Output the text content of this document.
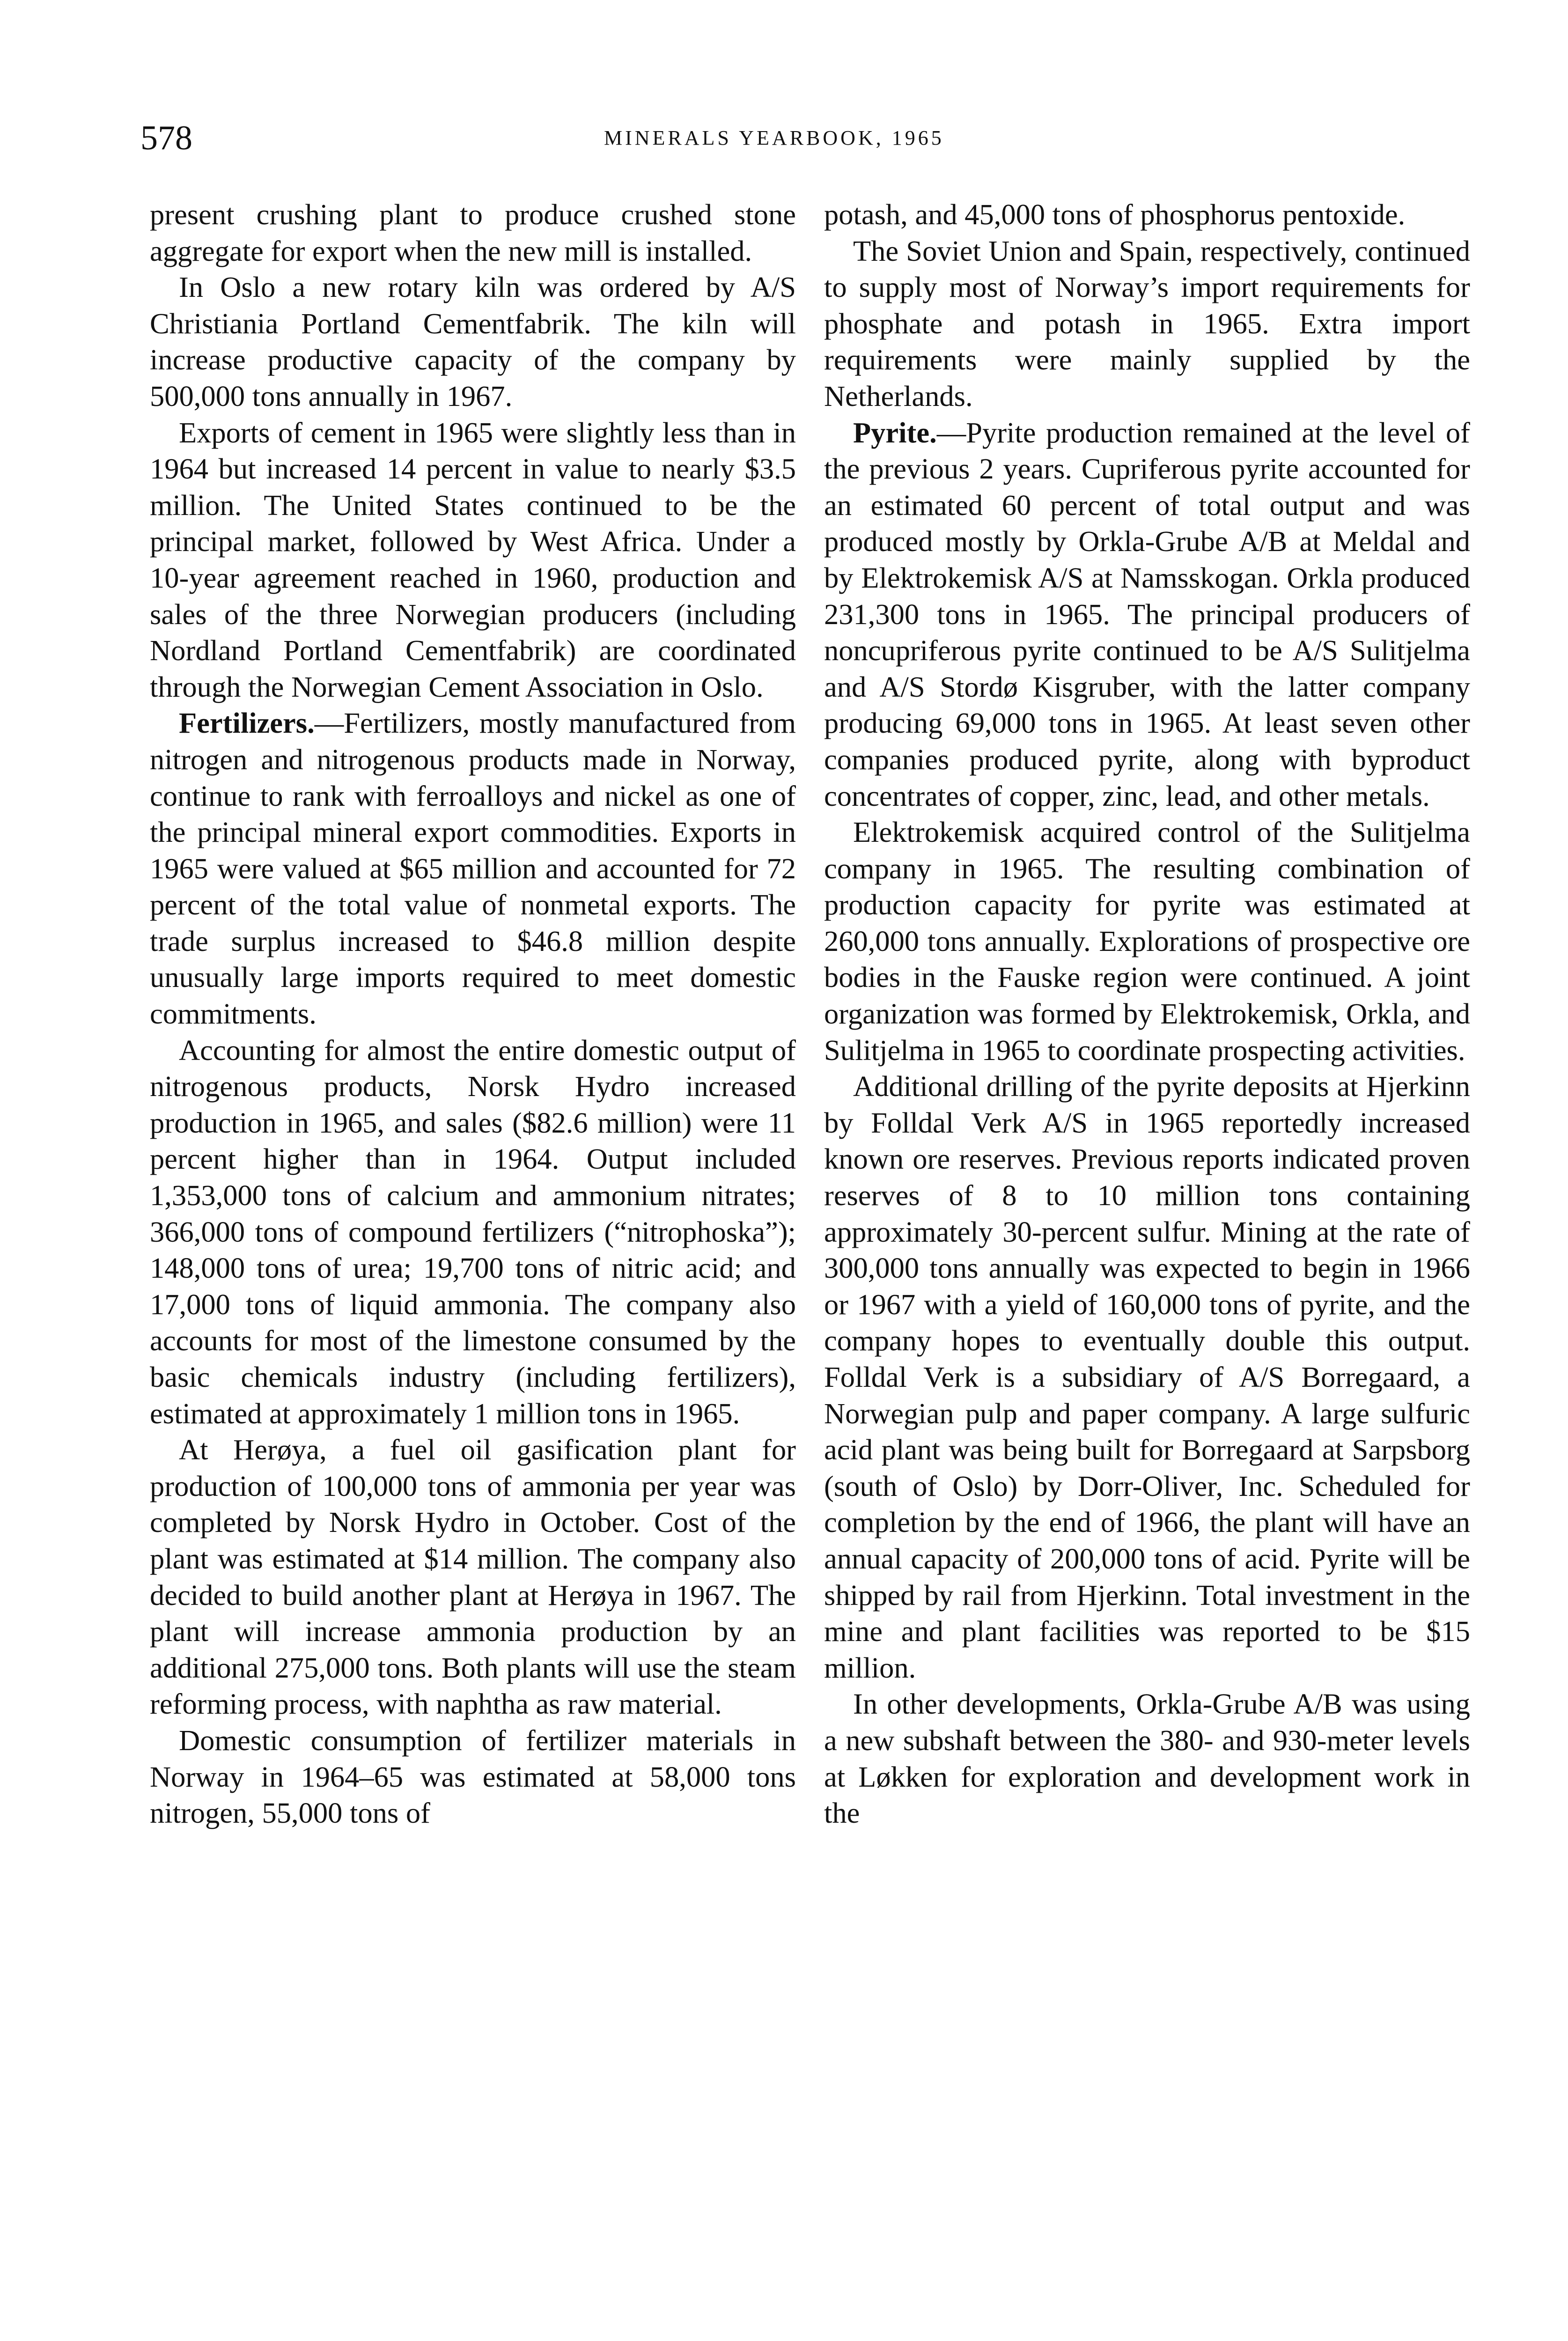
578	MINERALS YEARBOOK, 1965

present crushing plant to produce crushed stone aggregate for export when the new mill is installed.

In Oslo a new rotary kiln was ordered by A/S Christiania Portland Cementfabrik. The kiln will increase productive capacity of the company by 500,000 tons annually in 1967.

Exports of cement in 1965 were slightly less than in 1964 but increased 14 percent in value to nearly $3.5 million. The United States continued to be the principal market, followed by West Africa. Under a 10-year agreement reached in 1960, production and sales of the three Norwegian producers (including Nordland Portland Cementfabrik) are coordinated through the Norwegian Cement Association in Oslo.

Fertilizers.—Fertilizers, mostly manufactured from nitrogen and nitrogenous products made in Norway, continue to rank with ferroalloys and nickel as one of the principal mineral export commodities. Exports in 1965 were valued at $65 million and accounted for 72 percent of the total value of nonmetal exports. The trade surplus increased to $46.8 million despite unusually large imports required to meet domestic commitments.

Accounting for almost the entire domestic output of nitrogenous products, Norsk Hydro increased production in 1965, and sales ($82.6 million) were 11 percent higher than in 1964. Output included 1,353,000 tons of calcium and ammonium nitrates; 366,000 tons of compound fertilizers (“nitrophoska”); 148,000 tons of urea; 19,700 tons of nitric acid; and 17,000 tons of liquid ammonia. The company also accounts for most of the limestone consumed by the basic chemicals industry (including fertilizers), estimated at approximately 1 million tons in 1965.

At Herøya, a fuel oil gasification plant for production of 100,000 tons of ammonia per year was completed by Norsk Hydro in October. Cost of the plant was estimated at $14 million. The company also decided to build another plant at Herøya in 1967. The plant will increase ammonia production by an additional 275,000 tons. Both plants will use the steam reforming process, with naphtha as raw material.

Domestic consumption of fertilizer materials in Norway in 1964–65 was estimated at 58,000 tons nitrogen, 55,000 tons of

potash, and 45,000 tons of phosphorus pentoxide.

The Soviet Union and Spain, respectively, continued to supply most of Norway’s import requirements for phosphate and potash in 1965. Extra import requirements were mainly supplied by the Netherlands.

Pyrite.—Pyrite production remained at the level of the previous 2 years. Cupriferous pyrite accounted for an estimated 60 percent of total output and was produced mostly by Orkla-Grube A/B at Meldal and by Elektrokemisk A/S at Namsskogan. Orkla produced 231,300 tons in 1965. The principal producers of noncupriferous pyrite continued to be A/S Sulitjelma and A/S Stordø Kisgruber, with the latter company producing 69,000 tons in 1965. At least seven other companies produced pyrite, along with byproduct concentrates of copper, zinc, lead, and other metals.

Elektrokemisk acquired control of the Sulitjelma company in 1965. The resulting combination of production capacity for pyrite was estimated at 260,000 tons annually. Explorations of prospective ore bodies in the Fauske region were continued. A joint organization was formed by Elektrokemisk, Orkla, and Sulitjelma in 1965 to coordinate prospecting activities.

Additional drilling of the pyrite deposits at Hjerkinn by Folldal Verk A/S in 1965 reportedly increased known ore reserves. Previous reports indicated proven reserves of 8 to 10 million tons containing approximately 30-percent sulfur. Mining at the rate of 300,000 tons annually was expected to begin in 1966 or 1967 with a yield of 160,000 tons of pyrite, and the company hopes to eventually double this output. Folldal Verk is a subsidiary of A/S Borregaard, a Norwegian pulp and paper company. A large sulfuric acid plant was being built for Borregaard at Sarpsborg (south of Oslo) by Dorr-Oliver, Inc. Scheduled for completion by the end of 1966, the plant will have an annual capacity of 200,000 tons of acid. Pyrite will be shipped by rail from Hjerkinn. Total investment in the mine and plant facilities was reported to be $15 million.

In other developments, Orkla-Grube A/B was using a new subshaft between the 380- and 930-meter levels at Løkken for exploration and development work in the
